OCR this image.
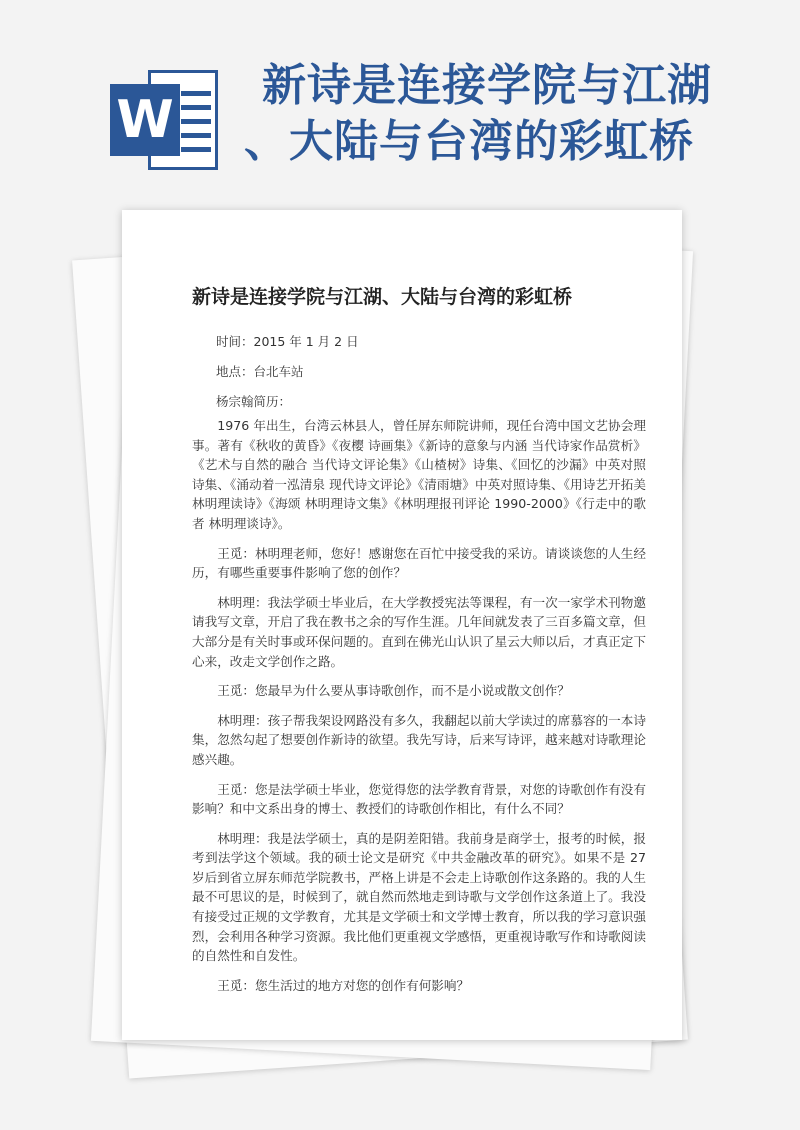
W
新诗是连接学院与江湖
、大陆与台湾的彩虹桥
新诗是连接学院与江湖、大陆与台湾的彩虹桥
时间：2015 年 1 月 2 日
地点：台北车站
杨宗翰简历：

1976 年出生，台湾云林县人，曾任屏东师院讲师，现任台湾中国文艺协会理事。著有《秋收的黄昏》《夜樱 诗画集》《新诗的意象与内涵 当代诗家作品赏析》《艺术与自然的融合 当代诗文评论集》《山楂树》诗集、《回忆的沙漏》中英对照诗集、《涌动着一泓清泉 现代诗文评论》《清雨塘》中英对照诗集、《用诗艺开拓美 林明理读诗》《海颂 林明理诗文集》《林明理报刊评论 1990-2000》《行走中的歌者 林明理谈诗》。

王觅：林明理老师，您好！感谢您在百忙中接受我的采访。请谈谈您的人生经历，有哪些重要事件影响了您的创作？

林明理：我法学硕士毕业后，在大学教授宪法等课程，有一次一家学术刊物邀请我写文章，开启了我在教书之余的写作生涯。几年间就发表了三百多篇文章，但大部分是有关时事或环保问题的。直到在佛光山认识了星云大师以后，才真正定下心来，改走文学创作之路。

王觅：您最早为什么要从事诗歌创作，而不是小说或散文创作？

林明理：孩子帮我架设网路没有多久，我翻起以前大学读过的席慕容的一本诗集，忽然勾起了想要创作新诗的欲望。我先写诗，后来写诗评，越来越对诗歌理论感兴趣。

王觅：您是法学硕士毕业，您觉得您的法学教育背景，对您的诗歌创作有没有影响？和中文系出身的博士、教授们的诗歌创作相比，有什么不同？

林明理：我是法学硕士，真的是阴差阳错。我前身是商学士，报考的时候，报考到法学这个领域。我的硕士论文是研究《中共金融改革的研究》。如果不是 27 岁后到省立屏东师范学院教书，严格上讲是不会走上诗歌创作这条路的。我的人生最不可思议的是，时候到了，就自然而然地走到诗歌与文学创作这条道上了。我没有接受过正规的文学教育，尤其是文学硕士和文学博士教育，所以我的学习意识强烈，会利用各种学习资源。我比他们更重视文学感悟，更重视诗歌写作和诗歌阅读的自然性和自发性。

王觅：您生活过的地方对您的创作有何影响？
